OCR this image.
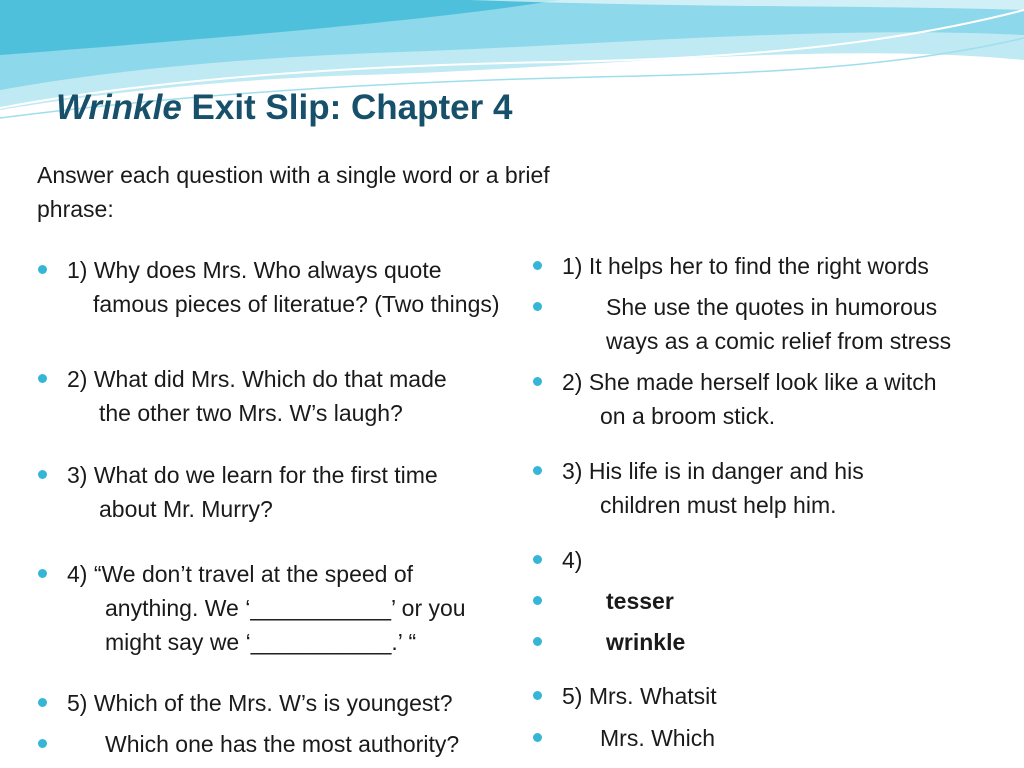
Wrinkle Exit Slip: Chapter 4
Answer each question with a single word or a brief phrase:
1) Why does Mrs. Who always quote
famous pieces of literatue? (Two things)
2) What did Mrs. Which do that made
the other two Mrs. W’s laugh?
3) What do we learn for the first time
about Mr. Murry?
4) “We don’t travel at the speed of
anything. We ‘___________’ or you
might say we ‘___________.’ “
5) Which of the Mrs. W’s is youngest?
Which one has the most authority?
1) It helps her to find the right words
She use the quotes in humorous
ways as a comic relief from stress
2) She made herself look like a witch
on a broom stick.
3) His life is in danger and his
children must help him.
4)
tesser
wrinkle
5) Mrs. Whatsit
Mrs. Which
